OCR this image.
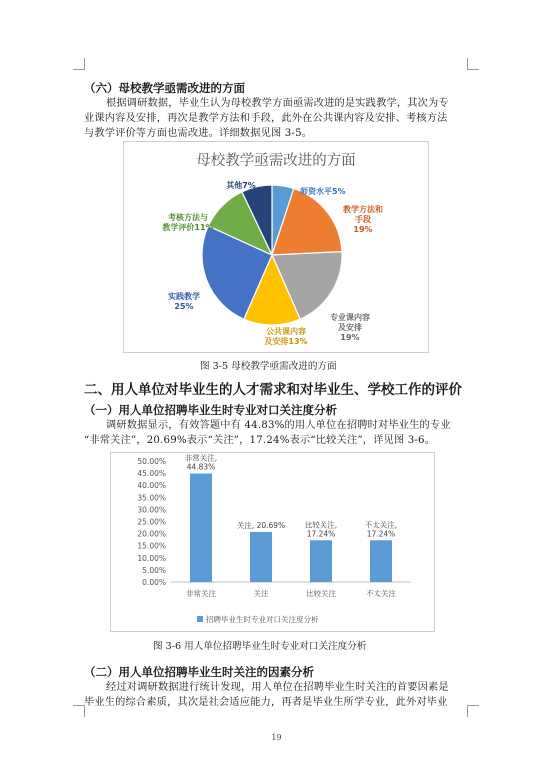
（六）母校教学亟需改进的方面
根据调研数据，毕业生认为母校教学方面亟需改进的是实践教学，其次为专
业课内容及安排，再次是教学方法和手段，此外在公共课内容及安排、考核方法
与教学评价等方面也需改进。详细数据见图 3-5。
母校教学亟需改进的方面
师资水平5%
教学方法和手段 19%
专业课内容及安排 19%
公共课内容及安排13%
实践教学 25%
考核方法与教学评价11%
其他7%
图 3-5 母校教学亟需改进的方面
二、用人单位对毕业生的人才需求和对毕业生、学校工作的评价
（一）用人单位招聘毕业生时专业对口关注度分析
调研数据显示，有效答题中有 44.83%的用人单位在招聘时对毕业生的专业
“非常关注”，20.69%表示“关注”，17.24%表示“比较关注”，详见图 3-6。
0.00%
5.00%
10.00%
15.00%
20.00%
25.00%
30.00%
35.00%
40.00%
45.00%
50.00%
非常关注	关注	比较关注	不太关注
非常关注, 44.83%
关注, 20.69%	比较关注, 17.24%
不太关注, 17.24%
招聘毕业生时专业对口关注度分析
图 3-6 用人单位招聘毕业生时专业对口关注度分析
（二）用人单位招聘毕业生时关注的因素分析
经过对调研数据进行统计发现，用人单位在招聘毕业生时关注的首要因素是
毕业生的综合素质，其次是社会适应能力，再者是毕业生所学专业，此外对毕业
19
